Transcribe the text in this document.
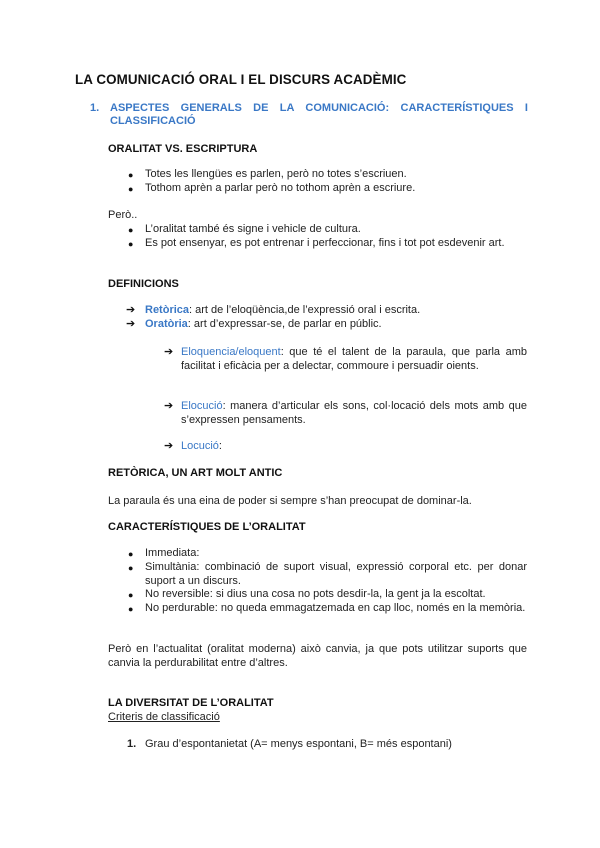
LA COMUNICACIÓ ORAL I EL DISCURS ACADÈMIC
1. ASPECTES GENERALS DE LA COMUNICACIÓ: CARACTERÍSTIQUES I CLASSIFICACIÓ
ORALITAT VS. ESCRIPTURA
● Totes les llengües es parlen, però no totes s’escriuen.
● Tothom aprèn a parlar però no tothom aprèn a escriure.
Però..
● L’oralitat també és signe i vehicle de cultura.
● Es pot ensenyar, es pot entrenar i perfeccionar, fins i tot pot esdevenir art.
DEFINICIONS
➔ Retòrica: art de l’eloqüència,de l’expressió oral i escrita.
➔ Oratòria: art d’expressar-se, de parlar en públic.
➔ Eloquencia/eloquent: que té el talent de la paraula, que parla amb facilitat i eficàcia per a delectar, commoure i persuadir oients.
➔ Elocució: manera d’articular els sons, col·locació dels mots amb que s’expressen pensaments.
➔ Locució:
RETÒRICA, UN ART MOLT ANTIC
La paraula és una eina de poder si sempre s’han preocupat de dominar-la.
CARACTERÍSTIQUES DE L’ORALITAT
● Immediata:
● Simultània: combinació de suport visual, expressió corporal etc. per donar suport a un discurs.
● No reversible: si dius una cosa no pots desdir-la, la gent ja la escoltat.
● No perdurable: no queda emmagatzemada en cap lloc, només en la memòria.
Però en l’actualitat (oralitat moderna) això canvia, ja que pots utilitzar suports que canvia la perdurabilitat entre d’altres.
LA DIVERSITAT DE L’ORALITAT
Criteris de classificació
1. Grau d’espontanietat (A= menys espontani, B= més espontani)
